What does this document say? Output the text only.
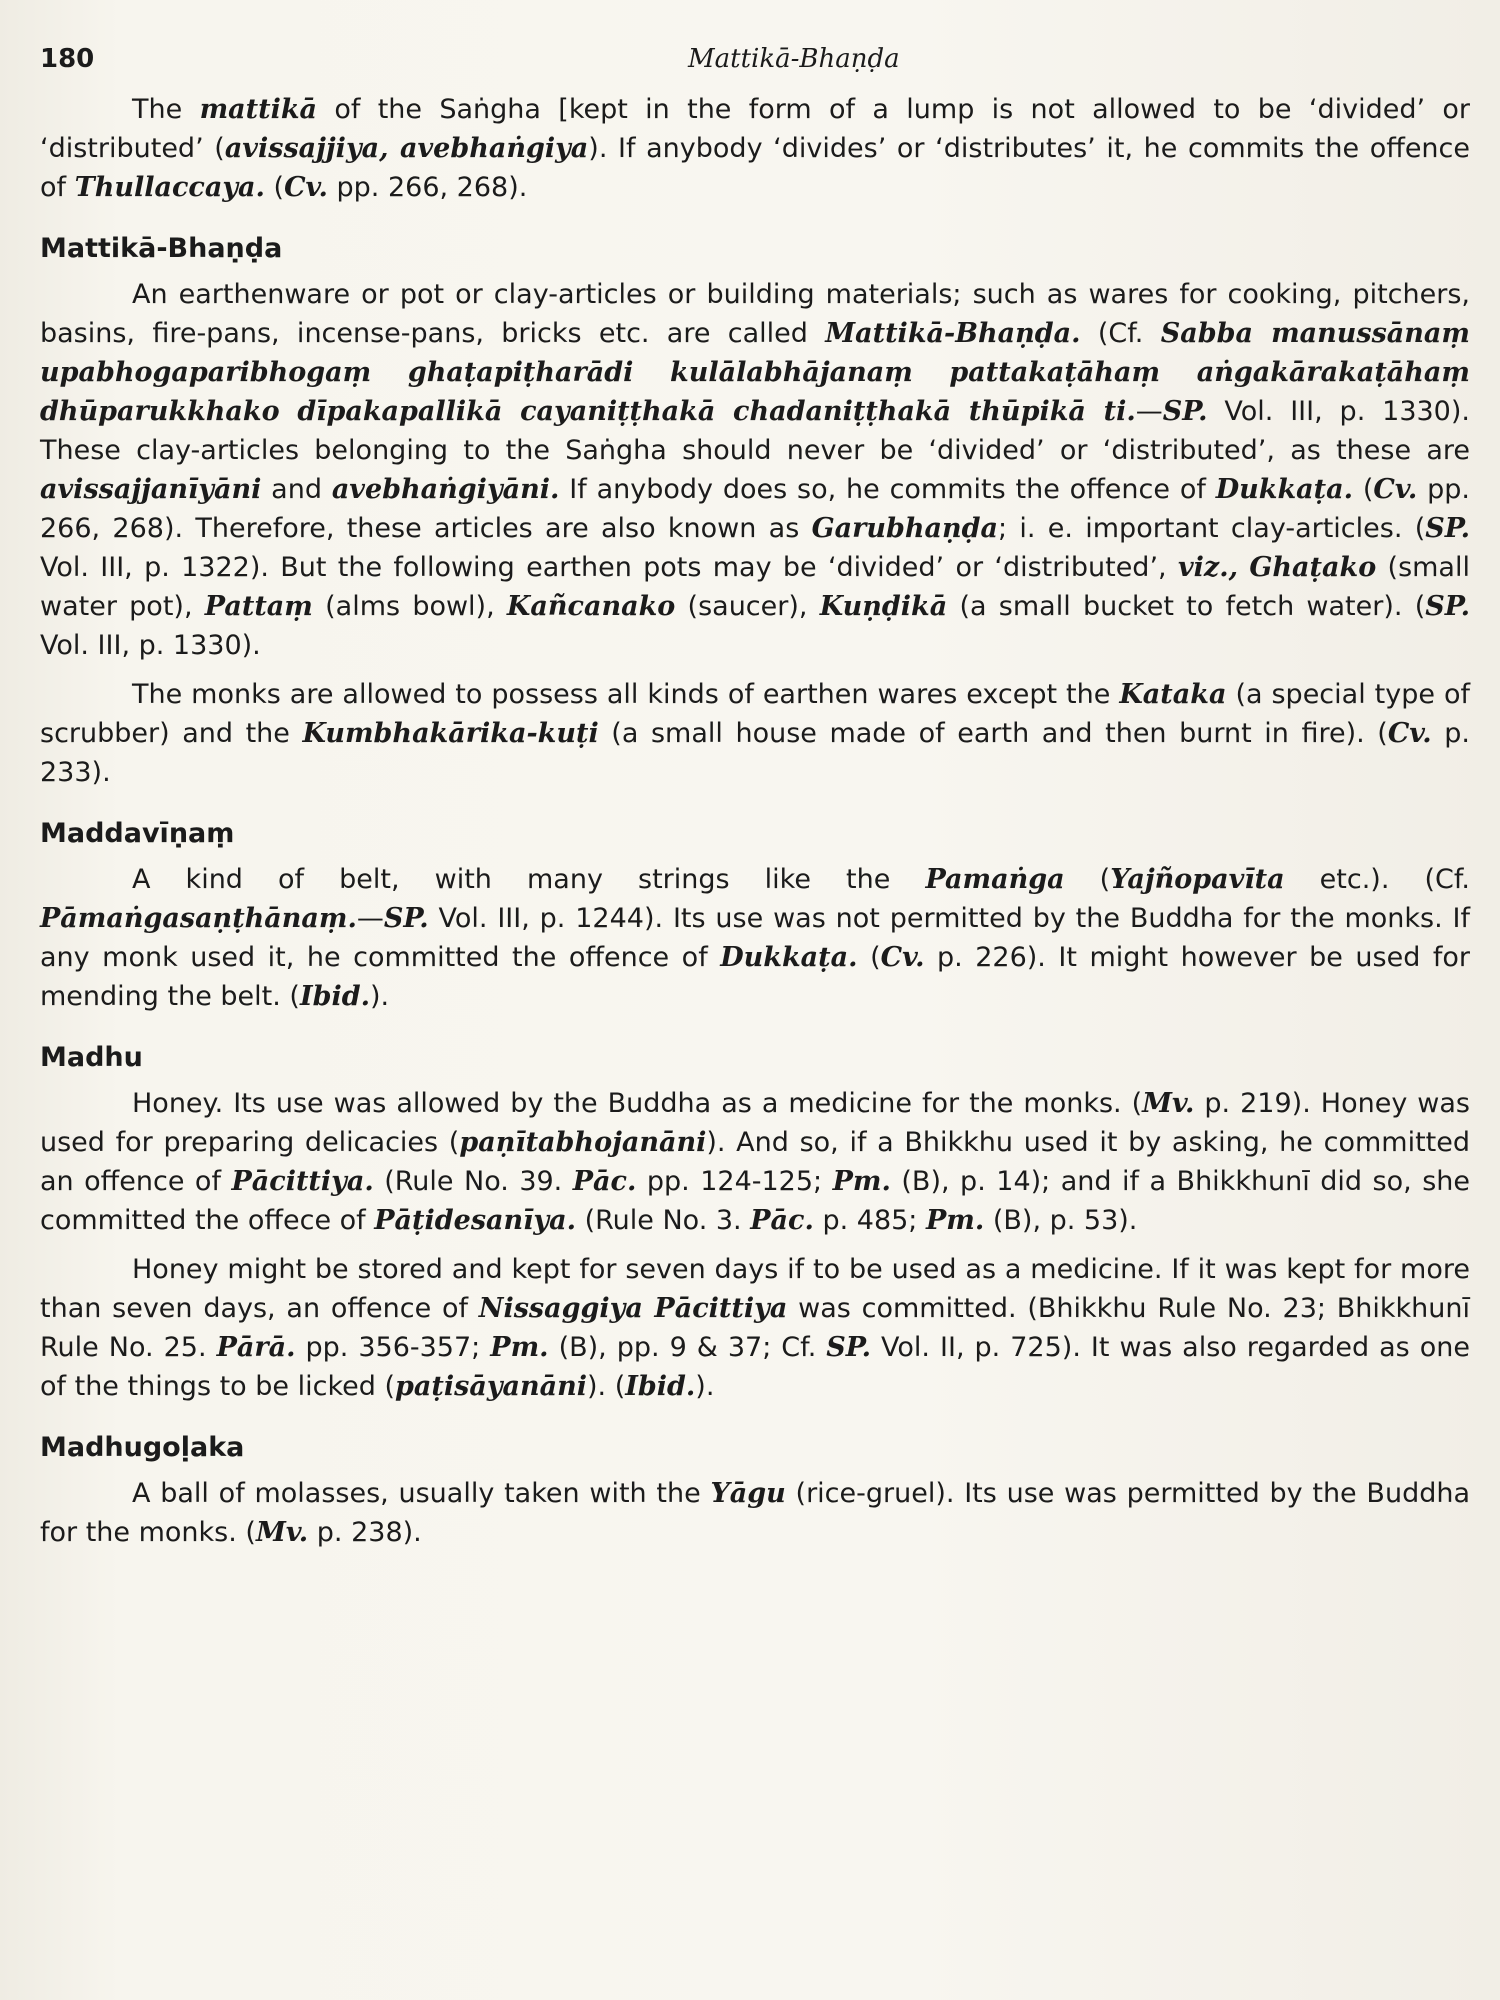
180	Mattikā-Bhaṇḍa

The mattikā of the Saṅgha [kept in the form of a lump is not allowed to be ‘divided’ or ‘distributed’ (avissajjiya, avebhaṅgiya). If anybody ‘divides’ or ‘distributes’ it, he commits the offence of Thullaccaya. (Cv. pp. 266, 268).

Mattikā-Bhaṇḍa

An earthenware or pot or clay-articles or building materials; such as wares for cooking, pitchers, basins, fire-pans, incense-pans, bricks etc. are called Mattikā-Bhaṇḍa. (Cf. Sabba manussānaṃ upabhogaparibhogaṃ ghaṭapiṭharādi kulālabhājanaṃ pattakaṭāhaṃ aṅgakārakaṭāhaṃ dhūparukkhako dīpakapallikā cayaniṭṭhakā chadaniṭṭhakā thūpikā ti.—SP. Vol. III, p. 1330). These clay-articles belonging to the Saṅgha should never be ‘divided’ or ‘distributed’, as these are avissajjanīyāni and avebhaṅgiyāni. If anybody does so, he commits the offence of Dukkaṭa. (Cv. pp. 266, 268). Therefore, these articles are also known as Garubhaṇḍa; i. e. important clay-articles. (SP. Vol. III, p. 1322). But the following earthen pots may be ‘divided’ or ‘distributed’, viz., Ghaṭako (small water pot), Pattaṃ (alms bowl), Kañcanako (saucer), Kuṇḍikā (a small bucket to fetch water). (SP. Vol. III, p. 1330).

The monks are allowed to possess all kinds of earthen wares except the Kataka (a special type of scrubber) and the Kumbhakārika-kuṭi (a small house made of earth and then burnt in fire). (Cv. p. 233).

Maddavīṇaṃ

A kind of belt, with many strings like the Pamaṅga (Yajñopavīta etc.). (Cf. Pāmaṅgasaṇṭhānaṃ.—SP. Vol. III, p. 1244). Its use was not permitted by the Buddha for the monks. If any monk used it, he committed the offence of Dukkaṭa. (Cv. p. 226). It might however be used for mending the belt. (Ibid.).

Madhu

Honey. Its use was allowed by the Buddha as a medicine for the monks. (Mv. p. 219). Honey was used for preparing delicacies (paṇītabhojanāni). And so, if a Bhikkhu used it by asking, he committed an offence of Pācittiya. (Rule No. 39. Pāc. pp. 124-125; Pm. (B), p. 14); and if a Bhikkhunī did so, she committed the offece of Pāṭidesanīya. (Rule No. 3. Pāc. p. 485; Pm. (B), p. 53).

Honey might be stored and kept for seven days if to be used as a medicine. If it was kept for more than seven days, an offence of Nissaggiya Pācittiya was committed. (Bhikkhu Rule No. 23; Bhikkhunī Rule No. 25. Pārā. pp. 356-357; Pm. (B), pp. 9 & 37; Cf. SP. Vol. II, p. 725). It was also regarded as one of the things to be licked (paṭisāyanāni). (Ibid.).

Madhugoḷaka

A ball of molasses, usually taken with the Yāgu (rice-gruel). Its use was permitted by the Buddha for the monks. (Mv. p. 238).
